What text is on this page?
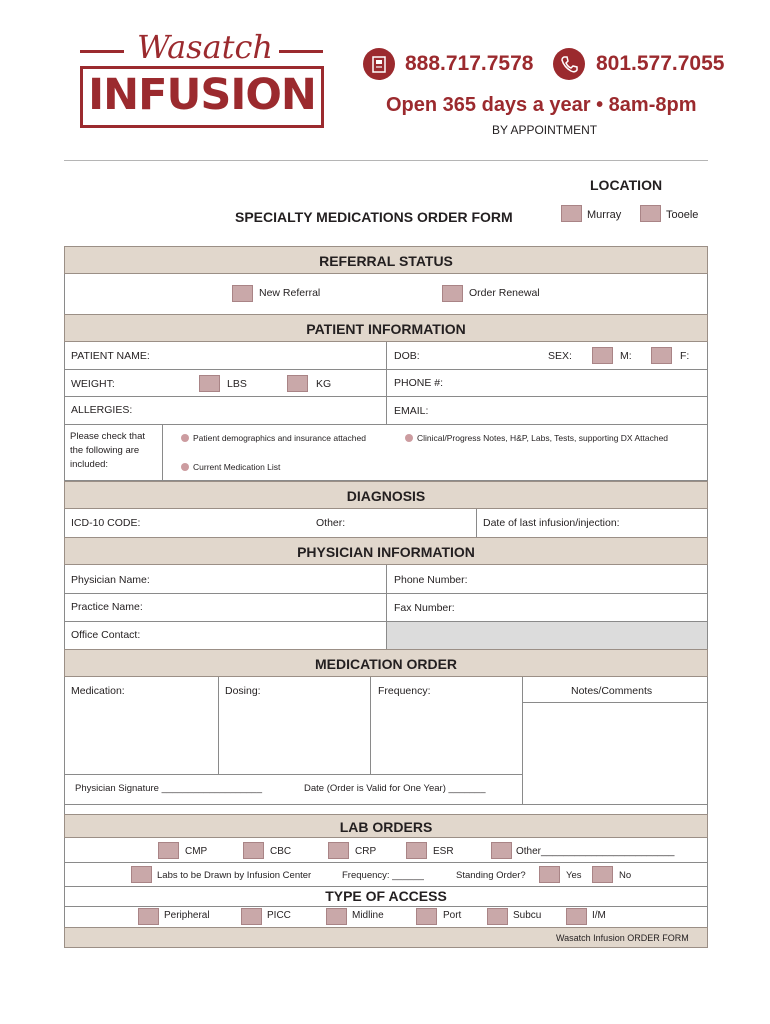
Wasatch
INFUSION
888.717.7578	801.577.7055
Open 365 days a year • 8am-8pm
BY APPOINTMENT
LOCATION
SPECIALTY MEDICATIONS ORDER FORM	Murray	Tooele
REFERRAL STATUS
New Referral	Order Renewal
PATIENT INFORMATION
PATIENT NAME:	DOB:	SEX:	M:	F:
WEIGHT:	LBS	KG	PHONE #:
ALLERGIES:	EMAIL:
Please check that the following are included:
Patient demographics and insurance attached	Clinical/Progress Notes, H&P, Labs, Tests, supporting DX Attached
Current Medication List
DIAGNOSIS
ICD-10 CODE:	Other:	Date of last infusion/injection:
PHYSICIAN INFORMATION
Physician Name:	Phone Number:
Practice Name:	Fax Number:
Office Contact:
MEDICATION ORDER
Medication:	Dosing:	Frequency:	Notes/Comments
Physician Signature ___________________	Date (Order is Valid for One Year) _______
LAB ORDERS
CMP	CBC	CRP	ESR	Other________________________
Labs to be Drawn by Infusion Center	Frequency: ______	Standing Order?	Yes	No
TYPE OF ACCESS
Peripheral	PICC	Midline	Port	Subcu	I/M
Wasatch Infusion ORDER FORM
